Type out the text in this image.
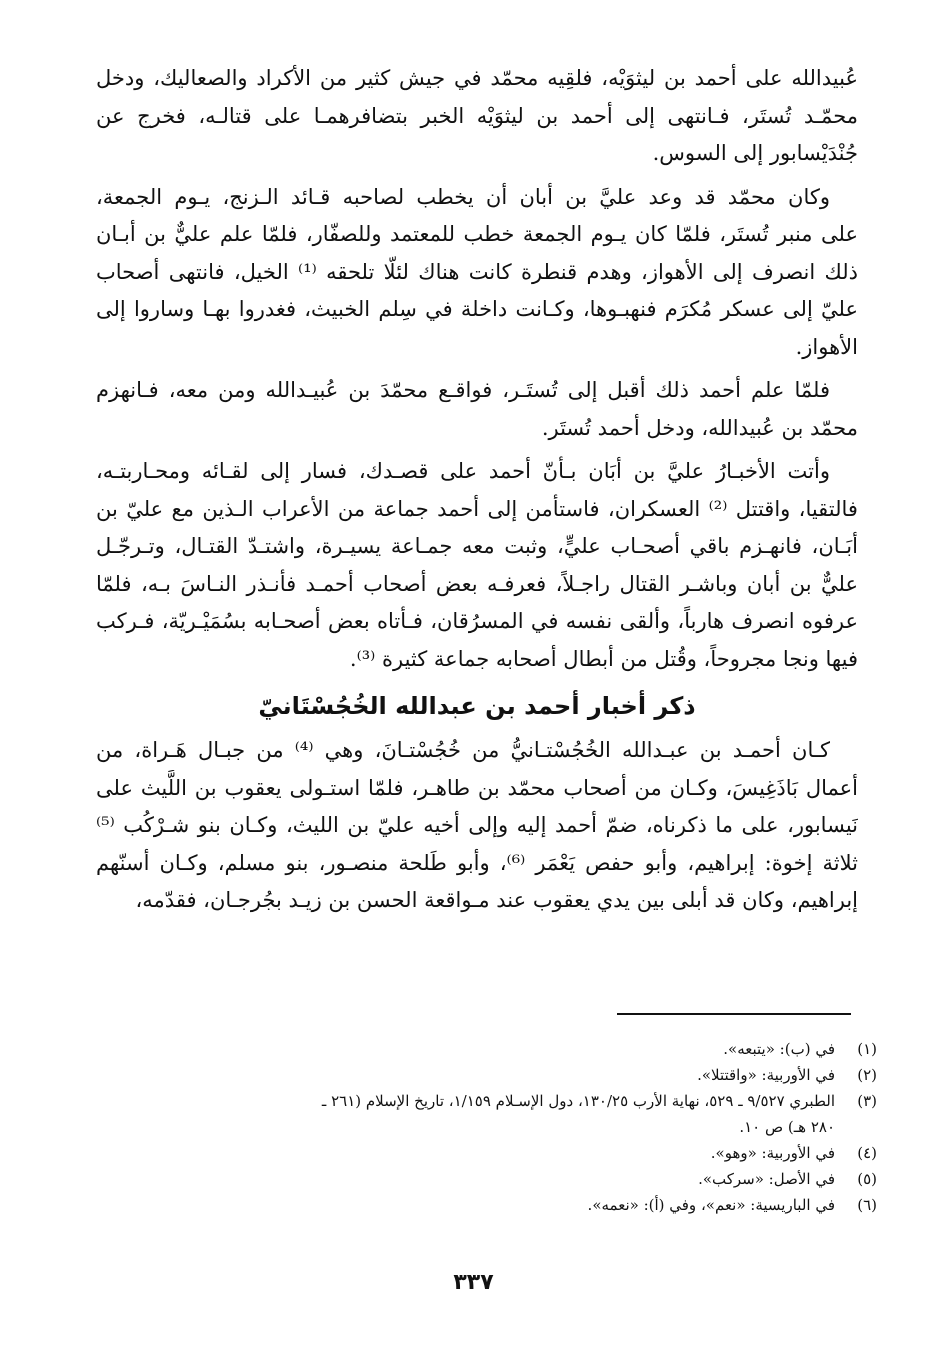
عُبيدالله على أحمد بن ليثوَيْه، فلقِيه محمّد في جيش كثير من الأكراد والصعاليك، ودخل
محمّـد تُستَر، فـانتهى إلى أحمد بن ليثوَيْه الخبر بتضافرهمـا على قتالـه، فخرج عن
جُنْدَيْسابور إلى السوس.
وكان محمّد قد وعد عليَّ بن أبان أن يخطب لصاحبه قـائد الـزنج، يـوم الجمعة،
على منبر تُستَر، فلمّا كان يـوم الجمعة خطب للمعتمد وللصفّار، فلمّا علم عليٌّ بن أبـان
ذلك انصرف إلى الأهواز، وهدم قنطرة كانت هناك لئلّا تلحقه ⁽¹⁾ الخيل، فانتهى أصحاب
عليّ إلى عسكر مُكرَم فنهبـوها، وكـانت داخلة في سِلم الخبيث، فغدروا بهـا وساروا إلى
الأهواز.
فلمّا علم أحمد ذلك أقبل إلى تُستَـر، فواقـع محمّدَ بن عُبيـدالله ومن معه، فـانهزم
محمّد بن عُبيدالله، ودخل أحمد تُستَر.
وأتت الأخبـارُ عليَّ بن أبَان بـأنّ أحمد على قصـدك، فسار إلى لقـائه ومحـاربتـه،
فالتقيا، واقتتل ⁽²⁾ العسكران، فاستأمن إلى أحمد جماعة من الأعراب الـذين مع عليّ بن
أبَـان، فانهـزم باقي أصحـاب عليٍّ، وثبت معه جمـاعة يسيـرة، واشتـدّ القتـال، وتـرجّـل
عليٌّ بن أبان وباشـر القتال راجـلاً، فعرفـه بعض أصحاب أحمـد فأنـذر النـاسَ بـه، فلمّا
عرفوه انصرف هارباً، وألقى نفسه في المسرُقان، فـأتاه بعض أصحـابه بسُمَيْـريّة، فـركب
فيها ونجا مجروحاً، وقُتل من أبطال أصحابه جماعة كثيرة ⁽³⁾.
ذكر أخبار أحمد بن عبدالله الخُجُسْتَانيّ
كـان أحمـد بن عبـدالله الخُجُسْتـانيُّ من خُجُسْتـانَ، وهي ⁽⁴⁾ من جبـال هَـراة، من
أعمال بَاذَغِيسَ، وكـان من أصحاب محمّد بن طاهـر، فلمّا استـولى يعقوب بن اللَّيث على
نَيسابور، على ما ذكرناه، ضمّ أحمد إليه وإلى أخيه عليّ بن الليث، وكـان بنو شـرْكُب ⁽⁵⁾
ثلاثة إخوة: إبراهيم، وأبو حفص يَعْمَر ⁽⁶⁾، وأبو طَلحة منصـور، بنو مسلم، وكـان أسنّهم
إبراهيم، وكان قد أبلى بين يدي يعقوب عند مـواقعة الحسن بن زيـد بجُرجـان، فقدّمه،
(١)
في (ب): «يتبعه».
(٢)
في الأوربية: «واقتتلا».
(٣)
الطبري ٩/٥٢٧ ـ ٥٢٩، نهاية الأرب ١٣٠/٢٥، دول الإسـلام ١/١٥٩، تاريخ الإسلام (٢٦١ ـ
٢٨٠ هـ) ص ١٠.
(٤)
في الأوربية: «وهو».
(٥)
في الأصل: «سركب».
(٦)
في الباريسية: «نعم»، وفي (أ): «نعمه».
٣٣٧
